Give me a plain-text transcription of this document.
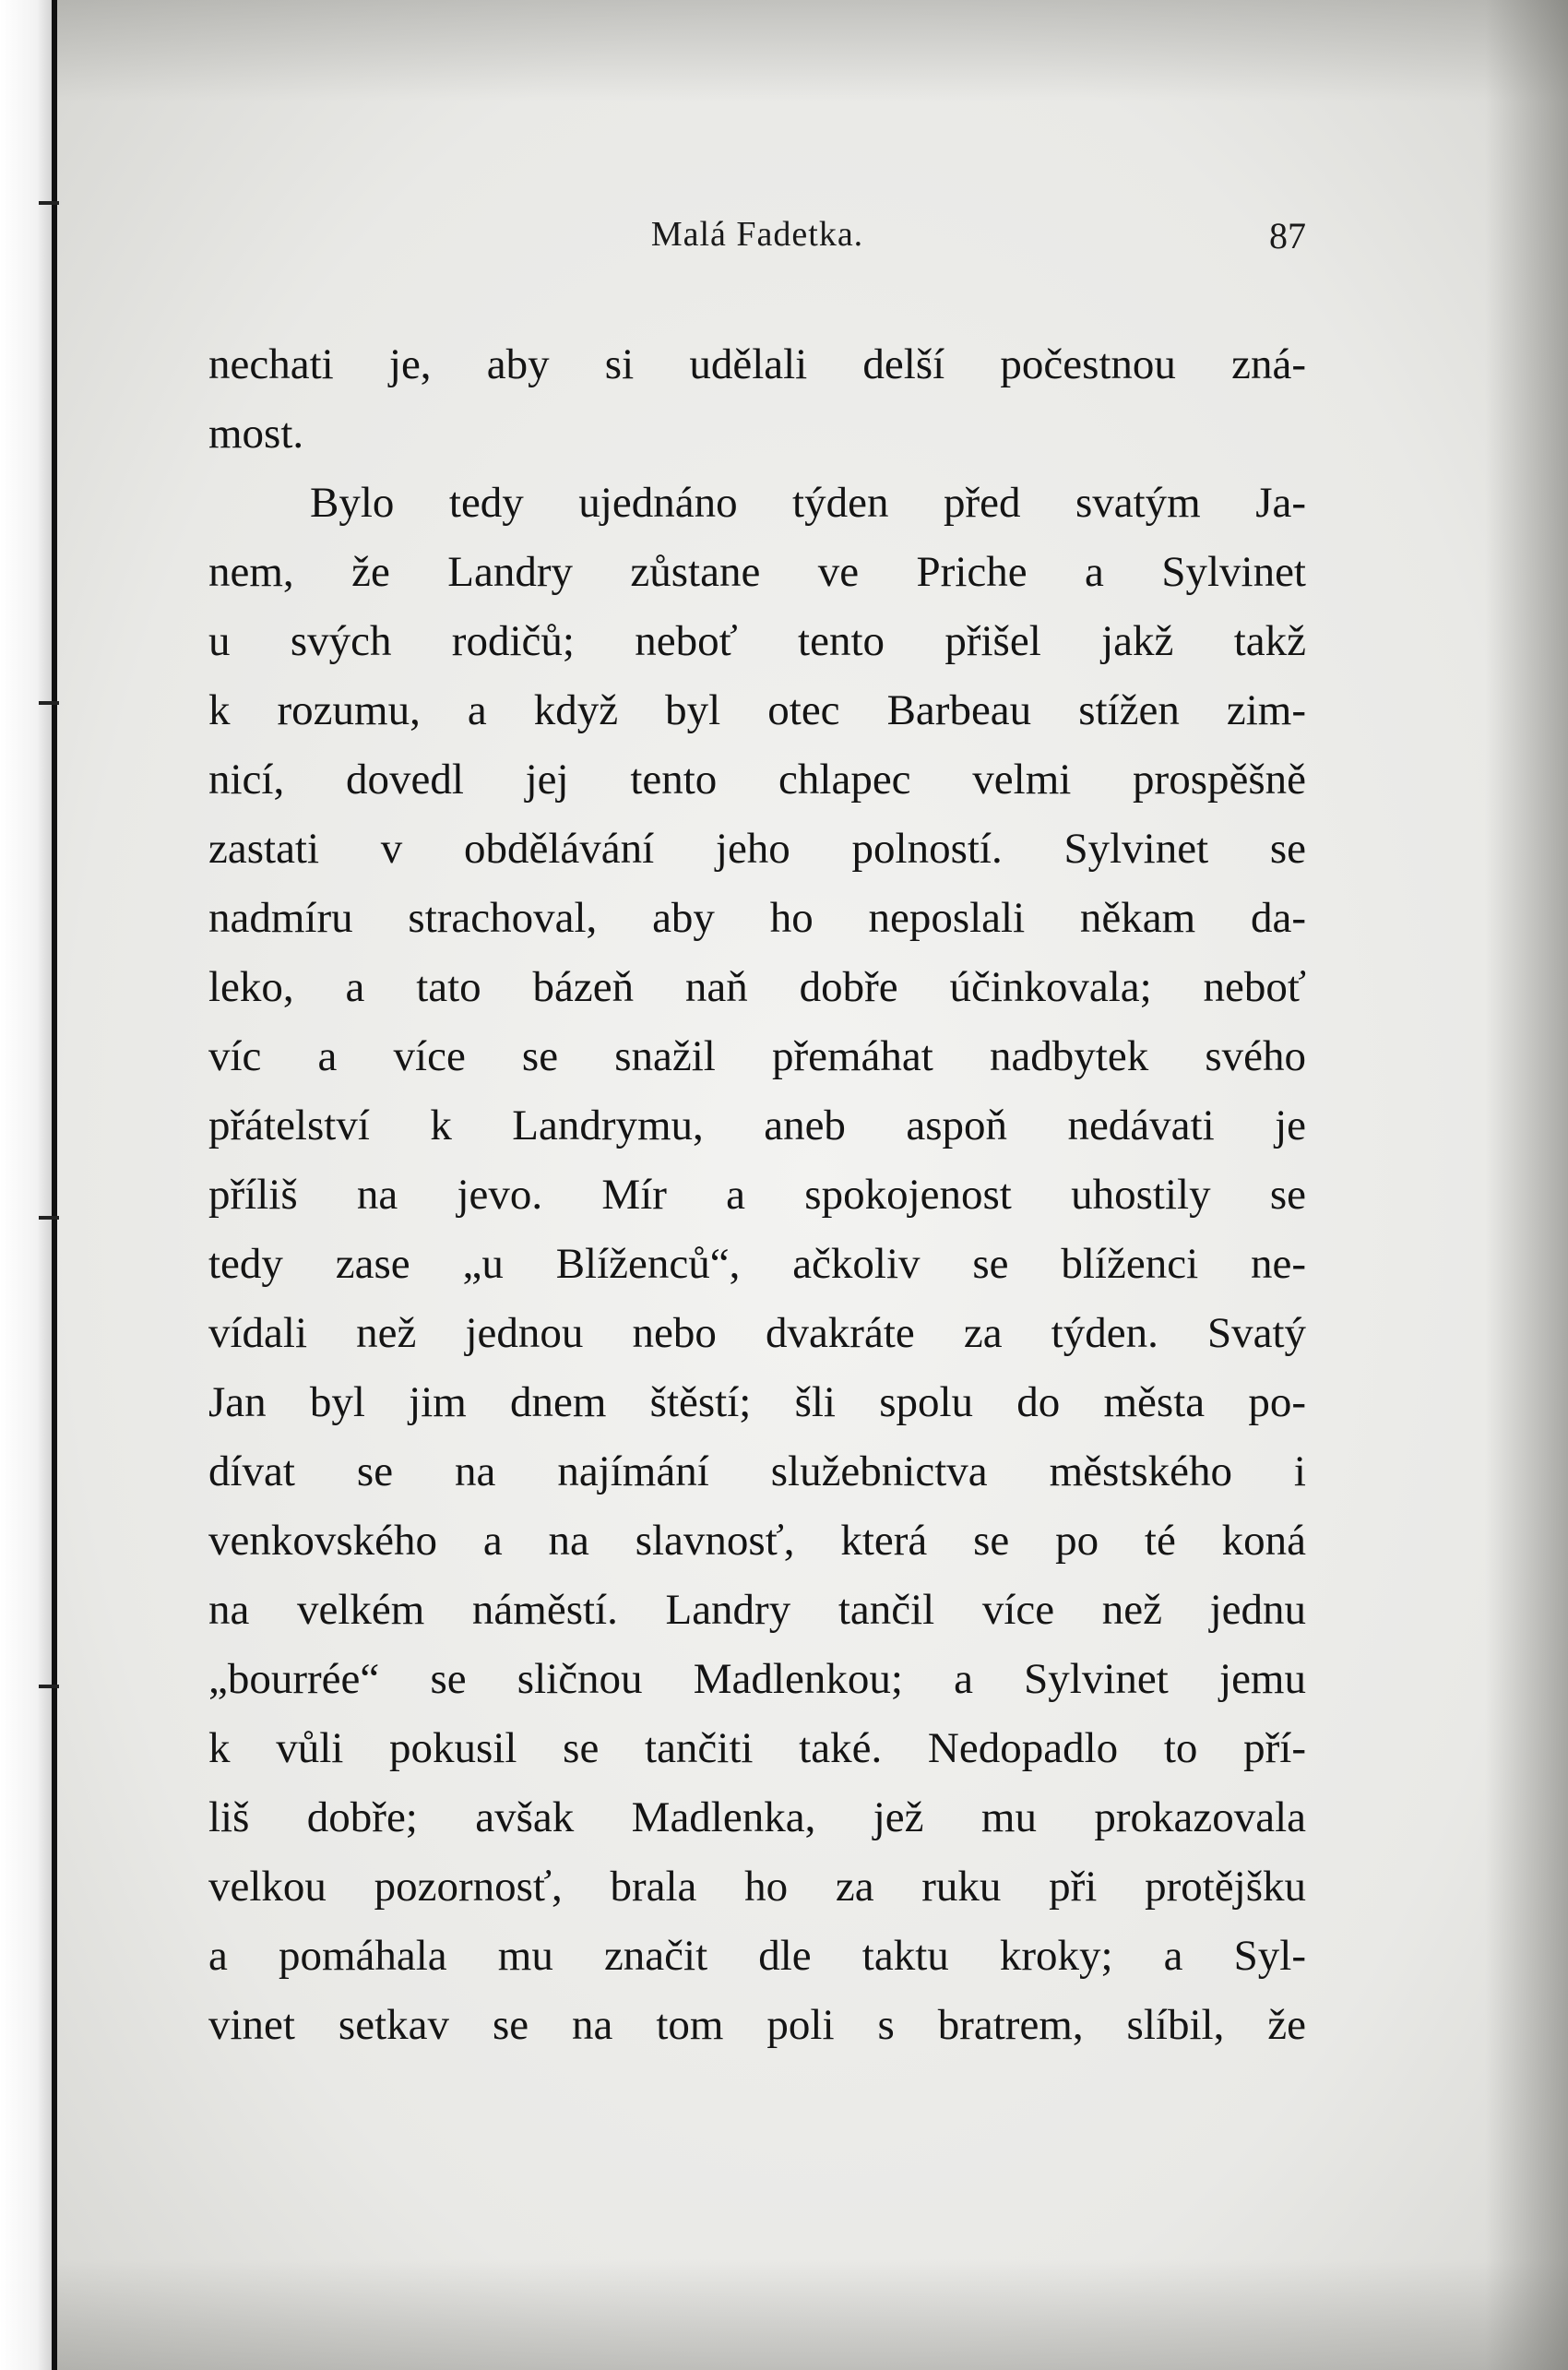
Malá Fadetka.	87
nechati je, aby si udělali delší počestnou zná-
most.
Bylo tedy ujednáno týden před svatým Ja-
nem, že Landry zůstane ve Priche a Sylvinet
u svých rodičů; neboť tento přišel jakž takž
k rozumu, a když byl otec Barbeau stížen zim-
nicí, dovedl jej tento chlapec velmi prospěšně
zastati v obdělávání jeho polností. Sylvinet se
nadmíru strachoval, aby ho neposlali někam da-
leko, a tato bázeň naň dobře účinkovala; neboť
víc a více se snažil přemáhat nadbytek svého
přátelství k Landrymu, aneb aspoň nedávati je
příliš na jevo. Mír a spokojenost uhostily se
tedy zase „u Blíženců“, ačkoliv se blíženci ne-
vídali než jednou nebo dvakráte za týden. Svatý
Jan byl jim dnem štěstí; šli spolu do města po-
dívat se na najímání služebnictva městského i
venkovského a na slavnosť, která se po té koná
na velkém náměstí. Landry tančil více než jednu
„bourrée“ se sličnou Madlenkou; a Sylvinet jemu
k vůli pokusil se tančiti také. Nedopadlo to pří-
liš dobře; avšak Madlenka, jež mu prokazovala
velkou pozornosť, brala ho za ruku při protějšku
a pomáhala mu značit dle taktu kroky; a Syl-
vinet setkav se na tom poli s bratrem, slíbil, že
